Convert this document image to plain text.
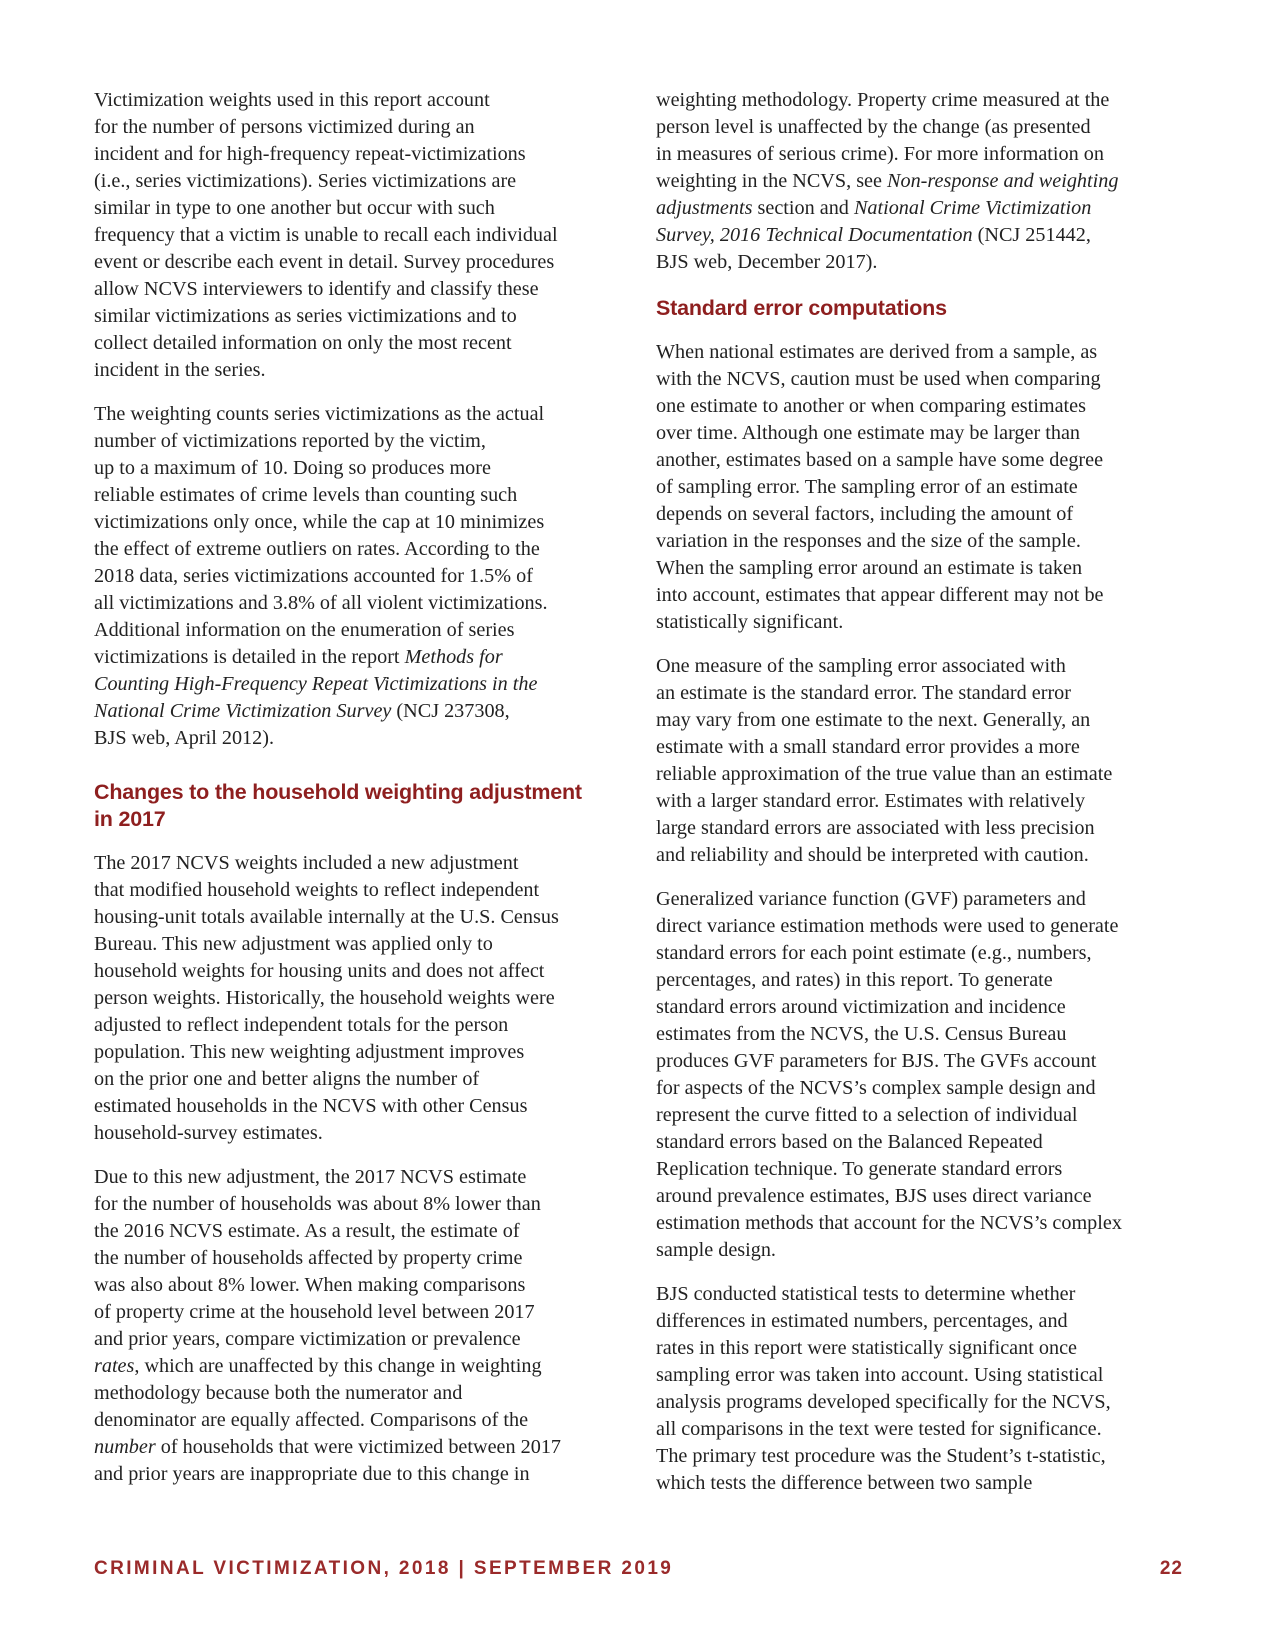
Victimization weights used in this report account
for the number of persons victimized during an
incident and for high-frequency repeat-victimizations
(i.e., series victimizations). Series victimizations are
similar in type to one another but occur with such
frequency that a victim is unable to recall each individual
event or describe each event in detail. Survey procedures
allow NCVS interviewers to identify and classify these
similar victimizations as series victimizations and to
collect detailed information on only the most recent
incident in the series.

The weighting counts series victimizations as the actual
number of victimizations reported by the victim,
up to a maximum of 10. Doing so produces more
reliable estimates of crime levels than counting such
victimizations only once, while the cap at 10 minimizes
the effect of extreme outliers on rates. According to the
2018 data, series victimizations accounted for 1.5% of
all victimizations and 3.8% of all violent victimizations.
Additional information on the enumeration of series
victimizations is detailed in the report Methods for
Counting High-Frequency Repeat Victimizations in the
National Crime Victimization Survey (NCJ 237308,
BJS web, April 2012).

Changes to the household weighting adjustment
in 2017

The 2017 NCVS weights included a new adjustment
that modified household weights to reflect independent
housing-unit totals available internally at the U.S. Census
Bureau. This new adjustment was applied only to
household weights for housing units and does not affect
person weights. Historically, the household weights were
adjusted to reflect independent totals for the person
population. This new weighting adjustment improves
on the prior one and better aligns the number of
estimated households in the NCVS with other Census
household-survey estimates.

Due to this new adjustment, the 2017 NCVS estimate
for the number of households was about 8% lower than
the 2016 NCVS estimate. As a result, the estimate of
the number of households affected by property crime
was also about 8% lower. When making comparisons
of property crime at the household level between 2017
and prior years, compare victimization or prevalence
rates, which are unaffected by this change in weighting
methodology because both the numerator and
denominator are equally affected. Comparisons of the
number of households that were victimized between 2017
and prior years are inappropriate due to this change in

weighting methodology. Property crime measured at the
person level is unaffected by the change (as presented
in measures of serious crime). For more information on
weighting in the NCVS, see Non-response and weighting
adjustments section and National Crime Victimization
Survey, 2016 Technical Documentation (NCJ 251442,
BJS web, December 2017).

Standard error computations

When national estimates are derived from a sample, as
with the NCVS, caution must be used when comparing
one estimate to another or when comparing estimates
over time. Although one estimate may be larger than
another, estimates based on a sample have some degree
of sampling error. The sampling error of an estimate
depends on several factors, including the amount of
variation in the responses and the size of the sample.
When the sampling error around an estimate is taken
into account, estimates that appear different may not be
statistically significant.

One measure of the sampling error associated with
an estimate is the standard error. The standard error
may vary from one estimate to the next. Generally, an
estimate with a small standard error provides a more
reliable approximation of the true value than an estimate
with a larger standard error. Estimates with relatively
large standard errors are associated with less precision
and reliability and should be interpreted with caution.

Generalized variance function (GVF) parameters and
direct variance estimation methods were used to generate
standard errors for each point estimate (e.g., numbers,
percentages, and rates) in this report. To generate
standard errors around victimization and incidence
estimates from the NCVS, the U.S. Census Bureau
produces GVF parameters for BJS. The GVFs account
for aspects of the NCVS’s complex sample design and
represent the curve fitted to a selection of individual
standard errors based on the Balanced Repeated
Replication technique. To generate standard errors
around prevalence estimates, BJS uses direct variance
estimation methods that account for the NCVS’s complex
sample design.

BJS conducted statistical tests to determine whether
differences in estimated numbers, percentages, and
rates in this report were statistically significant once
sampling error was taken into account. Using statistical
analysis programs developed specifically for the NCVS,
all comparisons in the text were tested for significance.
The primary test procedure was the Student’s t-statistic,
which tests the difference between two sample

CRIMINAL VICTIMIZATION, 2018 | SEPTEMBER 2019	22
